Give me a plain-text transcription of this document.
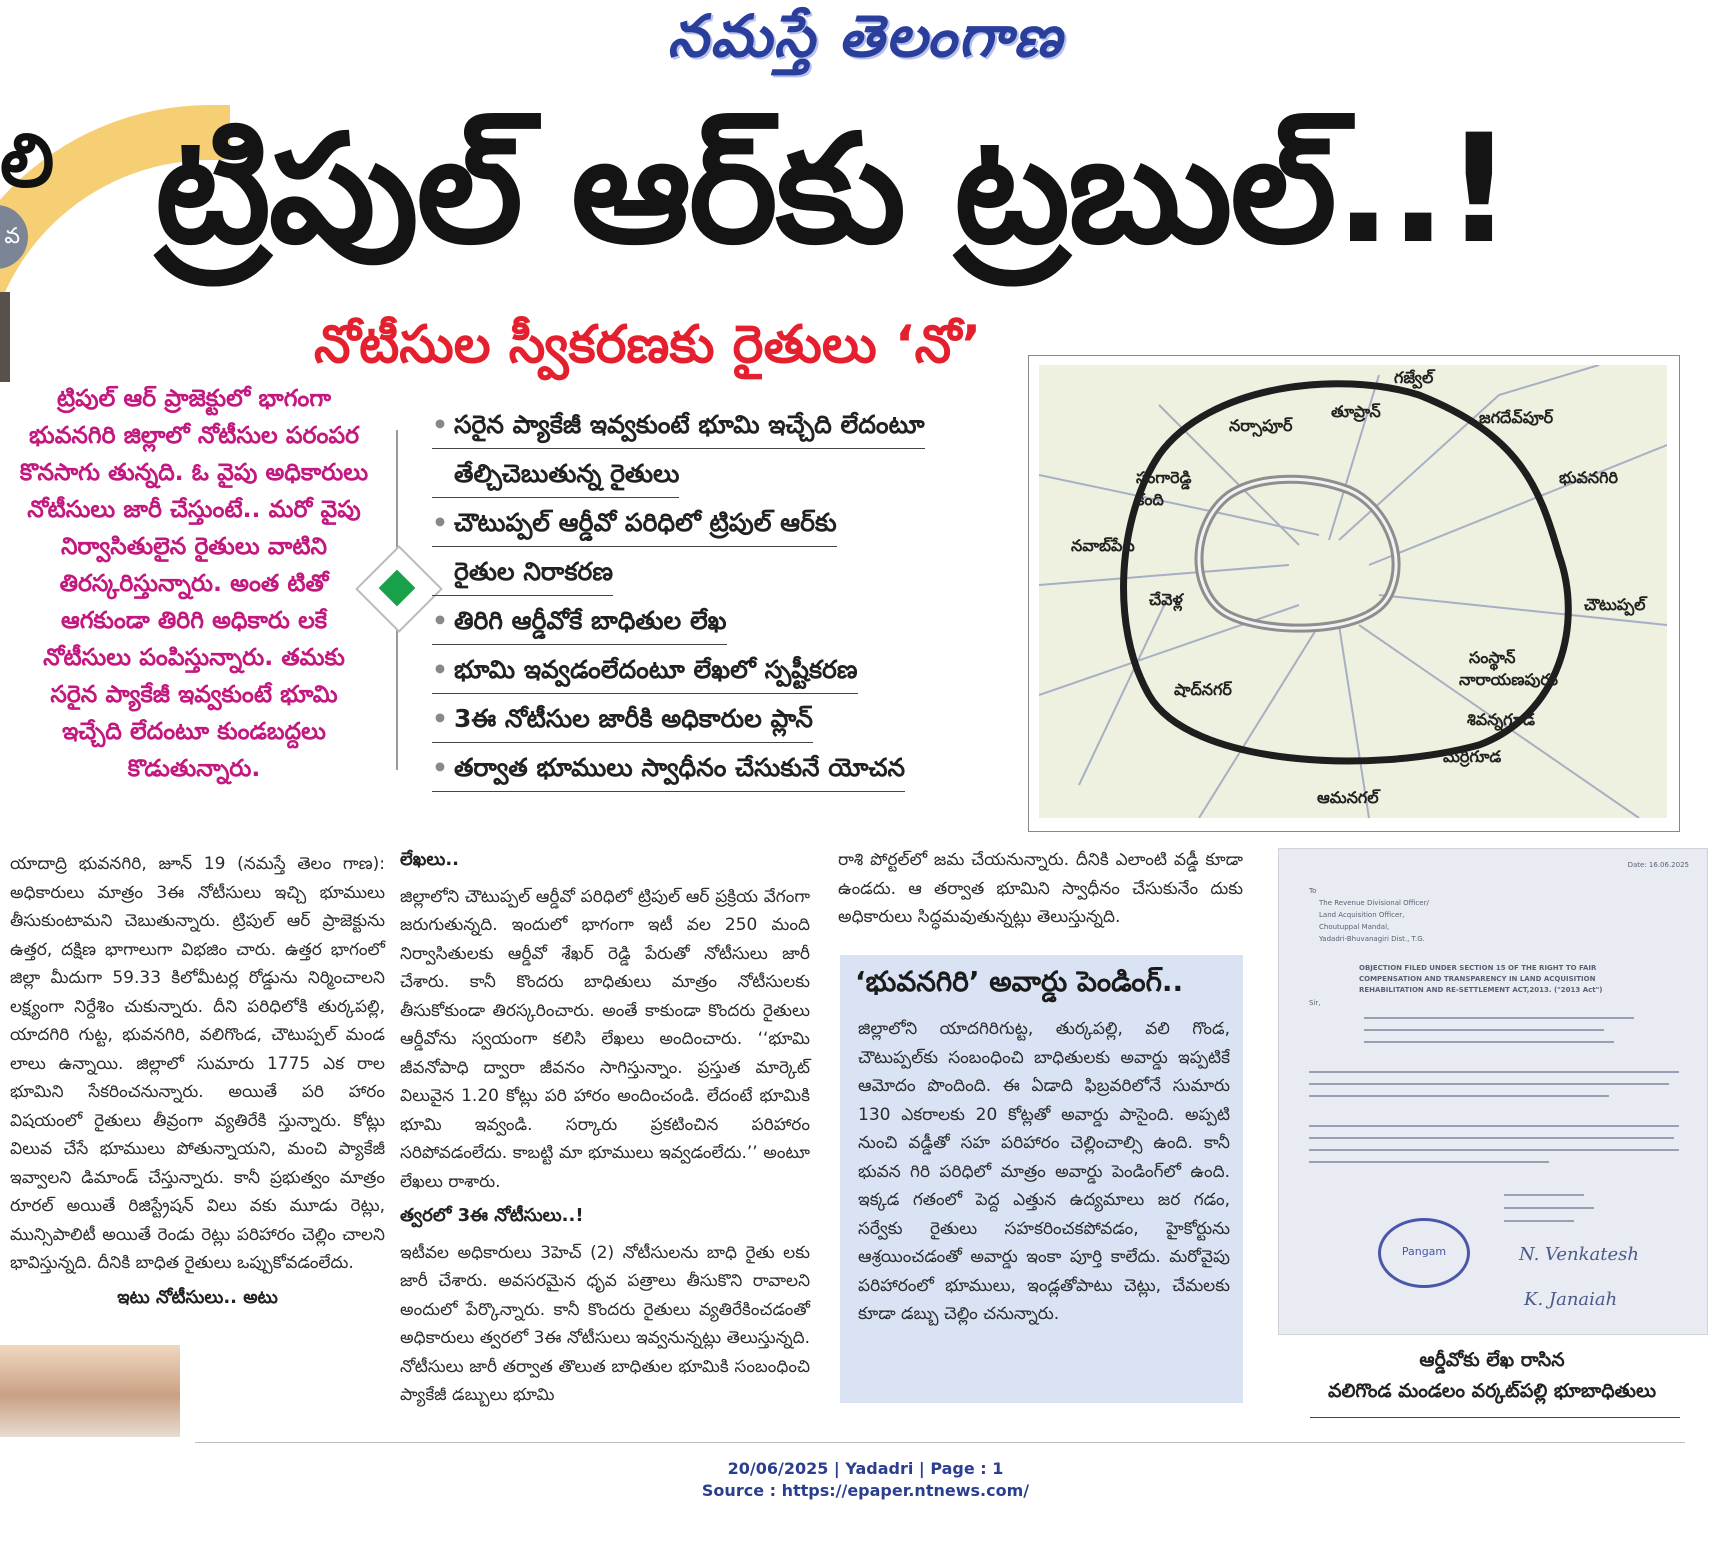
నమస్తే తెలంగాణ
లి
వ ట్రిపుల్ ఆర్‌కు ట్రబుల్..!
నోటీసుల స్వీకరణకు రైతులు ‘నో’
ట్రిపుల్ ఆర్ ప్రాజెక్టులో భాగంగా భువనగిరి జిల్లాలో నోటీసుల పరంపర కొనసాగు తున్నది. ఓ వైపు అధికారులు నోటీసులు జారీ చేస్తుంటే.. మరో వైపు నిర్వాసితులైన రైతులు వాటిని తిరస్కరిస్తున్నారు. అంత టితో ఆగకుండా తిరిగి అధికారు లకే నోటీసులు పంపిస్తున్నారు. తమకు సరైన ప్యాకేజీ ఇవ్వకుంటే భూమి ఇచ్చేది లేదంటూ కుండబద్దలు కొడుతున్నారు.
• సరైన ప్యాకేజీ ఇవ్వకుంటే భూమి ఇచ్చేది లేదంటూ
తేల్చిచెబుతున్న రైతులు
• చౌటుప్పల్ ఆర్డీవో పరిధిలో ట్రిపుల్ ఆర్‌కు
రైతుల నిరాకరణ
• తిరిగి ఆర్డీవోకే బాధితుల లేఖ
• భూమి ఇవ్వడంలేదంటూ లేఖలో స్పష్టీకరణ
• 3ఈ నోటీసుల జారీకి అధికారుల ప్లాన్
• తర్వాత భూములు స్వాధీనం చేసుకునే యోచన
గజ్వేల్
తూప్రాన్	జగదేవ్‌పూర్
నర్సాపూర్
సంగారెడ్డి
కంది
భువనగిరి
నవాబ్‌పేట
చేవెళ్ల	చౌటుప్పల్
సంస్థాన్
నారాయణపురం
షాద్‌నగర్
శివన్నగూడ
మర్రిగూడ
ఆమనగల్
యాదాద్రి భువనగిరి, జూన్ 19 (నమస్తే తెలం గాణ): అధికారులు మాత్రం 3ఈ నోటీసులు ఇచ్చి భూములు తీసుకుంటామని చెబుతున్నారు. ట్రిపుల్ ఆర్ ప్రాజెక్టును ఉత్తర, దక్షిణ భాగాలుగా విభజిం చారు. ఉత్తర భాగంలో జిల్లా మీదుగా 59.33 కిలోమీటర్ల రోడ్డును నిర్మించాలని లక్ష్యంగా నిర్దేశిం చుకున్నారు. దీని పరిధిలోకి తుర్కపల్లి, యాదగిరి గుట్ట, భువనగిరి, వలిగొండ, చౌటుప్పల్ మండ లాలు ఉన్నాయి. జిల్లాలో సుమారు 1775 ఎక రాల భూమిని సేకరించనున్నారు. అయితే పరి హారం విషయంలో రైతులు తీవ్రంగా వ్యతిరేకి స్తున్నారు. కోట్లు విలువ చేసే భూములు పోతున్నాయని, మంచి ప్యాకేజీ ఇవ్వాలని డిమాండ్ చేస్తున్నారు. కానీ ప్రభుత్వం మాత్రం రూరల్ అయితే రిజిస్ట్రేషన్ విలు వకు మూడు రెట్లు, మున్సిపాలిటీ అయితే రెండు రెట్లు పరిహారం చెల్లిం చాలని భావిస్తున్నది. దీనికి బాధిత రైతులు ఒప్పుకోవడంలేదు.
ఇటు నోటీసులు.. అటు
లేఖలు..
జిల్లాలోని చౌటుప్పల్ ఆర్డీవో పరిధిలో ట్రిపుల్ ఆర్ ప్రక్రియ వేగంగా జరుగుతున్నది. ఇందులో భాగంగా ఇటీ వల 250 మంది నిర్వాసితులకు ఆర్డీవో శేఖర్ రెడ్డి పేరుతో నోటీసులు జారీ చేశారు. కానీ కొందరు బాధితులు మాత్రం నోటీసులకు తీసుకోకుండా తిరస్కరించారు. అంతే కాకుండా కొందరు రైతులు ఆర్డీవోను స్వయంగా కలిసి లేఖలు అందించారు. ‘‘భూమి జీవనోపాధి ద్వారా జీవనం సాగిస్తున్నాం. ప్రస్తుత మార్కెట్ విలువైన 1.20 కోట్లు పరి హారం అందించండి. లేదంటే భూమికి భూమి ఇవ్వండి. సర్కారు ప్రకటించిన పరిహారం సరిపోవడంలేదు. కాబట్టి మా భూములు ఇవ్వడంలేదు.’’ అంటూ లేఖలు రాశారు.
త్వరలో 3ఈ నోటీసులు..!
ఇటీవల అధికారులు 3హెచ్ (2) నోటీసులను బాధి రైతు లకు జారీ చేశారు. అవసరమైన ధృవ పత్రాలు తీసుకొని రావాలని అందులో పేర్కొన్నారు. కానీ కొందరు రైతులు వ్యతిరేకించడంతో అధికారులు త్వరలో 3ఈ నోటీసులు ఇవ్వనున్నట్లు తెలుస్తున్నది. నోటీసులు జారీ తర్వాత తొలుత బాధితుల భూమికి సంబంధించి ప్యాకేజీ డబ్బులు భూమి
రాశి పోర్టల్‌లో జమ చేయనున్నారు. దీనికి ఎలాంటి వడ్డీ కూడా ఉండదు. ఆ తర్వాత భూమిని స్వాధీనం చేసుకునేం దుకు అధికారులు సిద్ధమవుతున్నట్లు తెలుస్తున్నది.
‘భువనగిరి’ అవార్డు పెండింగ్..
జిల్లాలోని యాదగిరిగుట్ట, తుర్కపల్లి, వలి గొండ, చౌటుప్పల్‌కు సంబంధించి బాధితులకు అవార్డు ఇప్పటికే ఆమోదం పొందింది. ఈ ఏడాది ఫిబ్రవరిలోనే సుమారు 130 ఎకరాలకు 20 కోట్లతో అవార్డు పాసైంది. అప్పటి నుంచి వడ్డీతో సహ పరిహారం చెల్లించాల్సి ఉంది. కానీ భువన గిరి పరిధిలో మాత్రం అవార్డు పెండింగ్‌లో ఉంది. ఇక్కడ గతంలో పెద్ద ఎత్తున ఉద్యమాలు జర గడం, సర్వేకు రైతులు సహకరించకపోవడం, హైకోర్టును ఆశ్రయించడంతో అవార్డు ఇంకా పూర్తి కాలేదు. మరోవైపు పరిహారంలో భూములు, ఇండ్లతోపాటు చెట్లు, చేమలకు కూడా డబ్బు చెల్లిం చనున్నారు.
Date: 16.06.2025
To
The Revenue Divisional Officer/
Land Acquisition Officer,
Choutuppal Mandal,
Yadadri-Bhuvanagiri Dist., T.G.
OBJECTION FILED UNDER SECTION 15 OF THE RIGHT TO FAIR
COMPENSATION AND TRANSPARENCY IN LAND ACQUISITION
REHABILITATION AND RE-SETTLEMENT ACT,2013. ("2013 Act")
Sir,
N. Venkatesh
K. Janaiah
Pangam
ఆర్డీవోకు లేఖ రాసిన
వలిగొండ మండలం వర్కట్‌పల్లి భూబాధితులు
20/06/2025 | Yadadri | Page : 1
Source : https://epaper.ntnews.com/
